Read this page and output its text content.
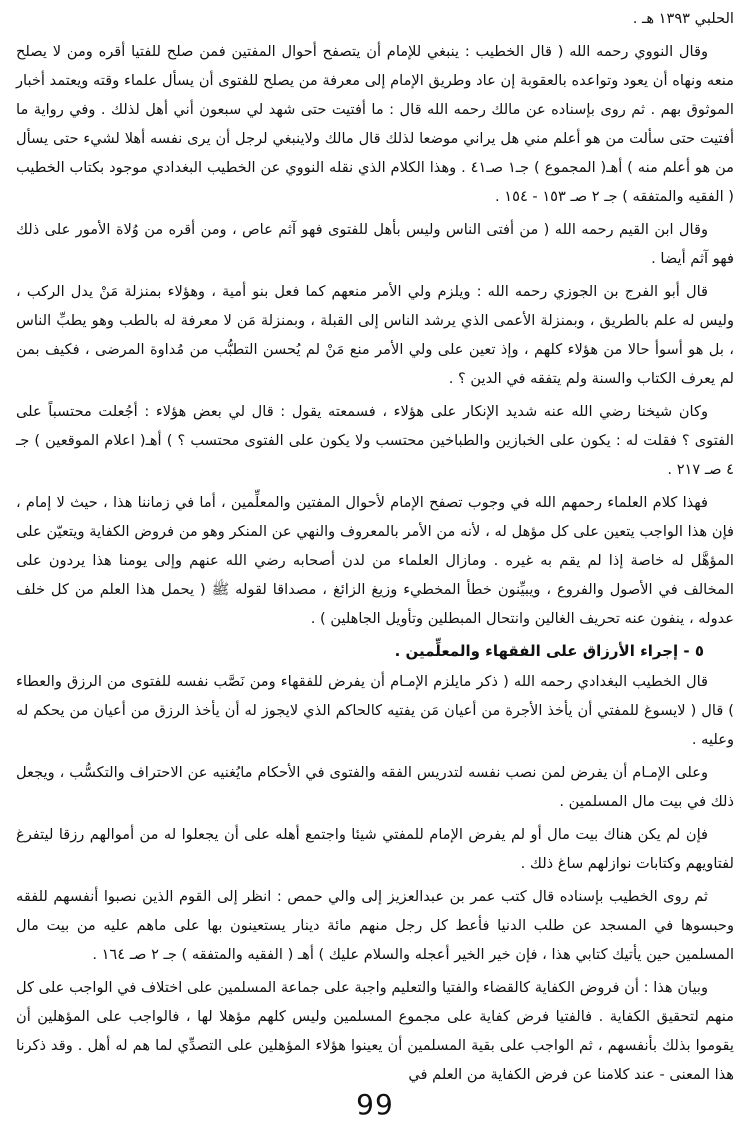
الحلبي ١٣٩٣ هـ .

وقال النووي رحمه الله ( قال الخطيب : ينبغي للإمام أن يتصفح أحوال المفتين فمن صلح للفتيا أقره ومن لا يصلح منعه ونهاه أن يعود وتواعده بالعقوبة إن عاد وطريق الإمام إلى معرفة من يصلح للفتوى أن يسأل علماء وقته ويعتمد أخبار الموثوق بهم . ثم روى بإسناده عن مالك رحمه الله قال : ما أفتيت حتى شهد لي سبعون أني أهل لذلك . وفي رواية ما أفتيت حتى سألت من هو أعلم مني هل يراني موضعا لذلك قال مالك ولاينبغي لرجل أن يرى نفسه أهلا لشيء حتى يسأل من هو أعلم منه ) أهـ( المجموع ) جـ١ صـ٤١ . وهذا الكلام الذي نقله النووي عن الخطيب البغدادي موجود بكتاب الخطيب ( الفقيه والمتفقه ) جـ ٢ صـ ١٥٣ - ١٥٤ .

وقال ابن القيم رحمه الله ( من أفتى الناس وليس بأهل للفتوى فهو آثم عاص ، ومن أقره من وُلاة الأمور على ذلك فهو آثم أيضا .

قال أبو الفرج بن الجوزي رحمه الله : ويلزم ولي الأمر منعهم كما فعل بنو أمية ، وهؤلاء بمنزلة مَنْ يدل الركب ، وليس له علم بالطريق ، وبمنزلة الأعمى الذي يرشد الناس إلى القبلة ، وبمنزلة مَن لا معرفة له بالطب وهو يطبِّ الناس ، بل هو أسوأ حالا من هؤلاء كلهم ، وإذ تعين على ولي الأمر منع مَنْ لم يُحسن التطبُّب من مُداوة المرضى ، فكيف بمن لم يعرف الكتاب والسنة ولم يتفقه في الدين ؟ .

وكان شيخنا رضي الله عنه شديد الإنكار على هؤلاء ، فسمعته يقول : قال لي بعض هؤلاء : أجُعلت محتسباً على الفتوى ؟ فقلت له : يكون على الخبازين والطباخين محتسب ولا يكون على الفتوى محتسب ؟ ) أهـ( اعلام الموقعين ) جـ ٤ صـ ٢١٧ .

فهذا كلام العلماء رحمهم الله في وجوب تصفح الإمام لأحوال المفتين والمعلِّمين ، أما في زماننا هذا ، حيث لا إمام ، فإن هذا الواجب يتعين على كل مؤهل له ، لأنه من الأمر بالمعروف والنهي عن المنكر وهو من فروض الكفاية ويتعيّن على المؤهَّل له خاصة إذا لم يقم به غيره . ومازال العلماء من لدن أصحابه رضي الله عنهم وإلى يومنا هذا يردون على المخالف في الأصول والفروع ، ويبيِّنون خطأ المخطيء وزيغ الزائغ ، مصداقا لقوله ﷺ ( يحمل هذا العلم من كل خلف عدوله ، ينفون عنه تحريف الغالين وانتحال المبطلين وتأويل الجاهلين ) .

٥ - إجراء الأرزاق على الفقهاء والمعلِّمين .

قال الخطيب البغدادي رحمه الله ( ذكر مايلزم الإمـام أن يفرض للفقهاء ومن نَصَّب نفسه للفتوى من الرزق والعطاء ) قال ( لايسوغ للمفتي أن يأخذ الأجرة من أعيان مَن يفتيه كالحاكم الذي لايجوز له أن يأخذ الرزق من أعيان من يحكم له وعليه .

وعلى الإمـام أن يفرض لمن نصب نفسه لتدريس الفقه والفتوى في الأحكام مايُغنيه عن الاحتراف والتكسُّب ، ويجعل ذلك في بيت مال المسلمين .

فإن لم يكن هناك بيت مال أو لم يفرض الإمام للمفتي شيئا واجتمع أهله على أن يجعلوا له من أموالهم رزقا ليتفرغ لفتاويهم وكتابات نوازلهم ساغ ذلك .

ثم روى الخطيب بإسناده قال كتب عمر بن عبدالعزيز إلى والي حمص : انظر إلى القوم الذين نصبوا أنفسهم للفقه وحبسوها في المسجد عن طلب الدنيا فأعط كل رجل منهم مائة دينار يستعينون بها على ماهم عليه من بيت مال المسلمين حين يأتيك كتابي هذا ، فإن خير الخير أعجله والسلام عليك ) أهـ ( الفقيه والمتفقه ) جـ ٢ صـ ١٦٤ .

وبيان هذا : أن فروض الكفاية كالقضاء والفتيا والتعليم واجبة على جماعة المسلمين على اختلاف في الواجب على كل منهم لتحقيق الكفاية . فالفتيا فرض كفاية على مجموع المسلمين وليس كلهم مؤهلا لها ، فالواجب على المؤهلين أن يقوموا بذلك بأنفسهم ، ثم الواجب على بقية المسلمين أن يعينوا هؤلاء المؤهلين على التصدِّي لما هم له أهل . وقد ذكرنا هذا المعنى - عند كلامنا عن فرض الكفاية من العلم في

99
